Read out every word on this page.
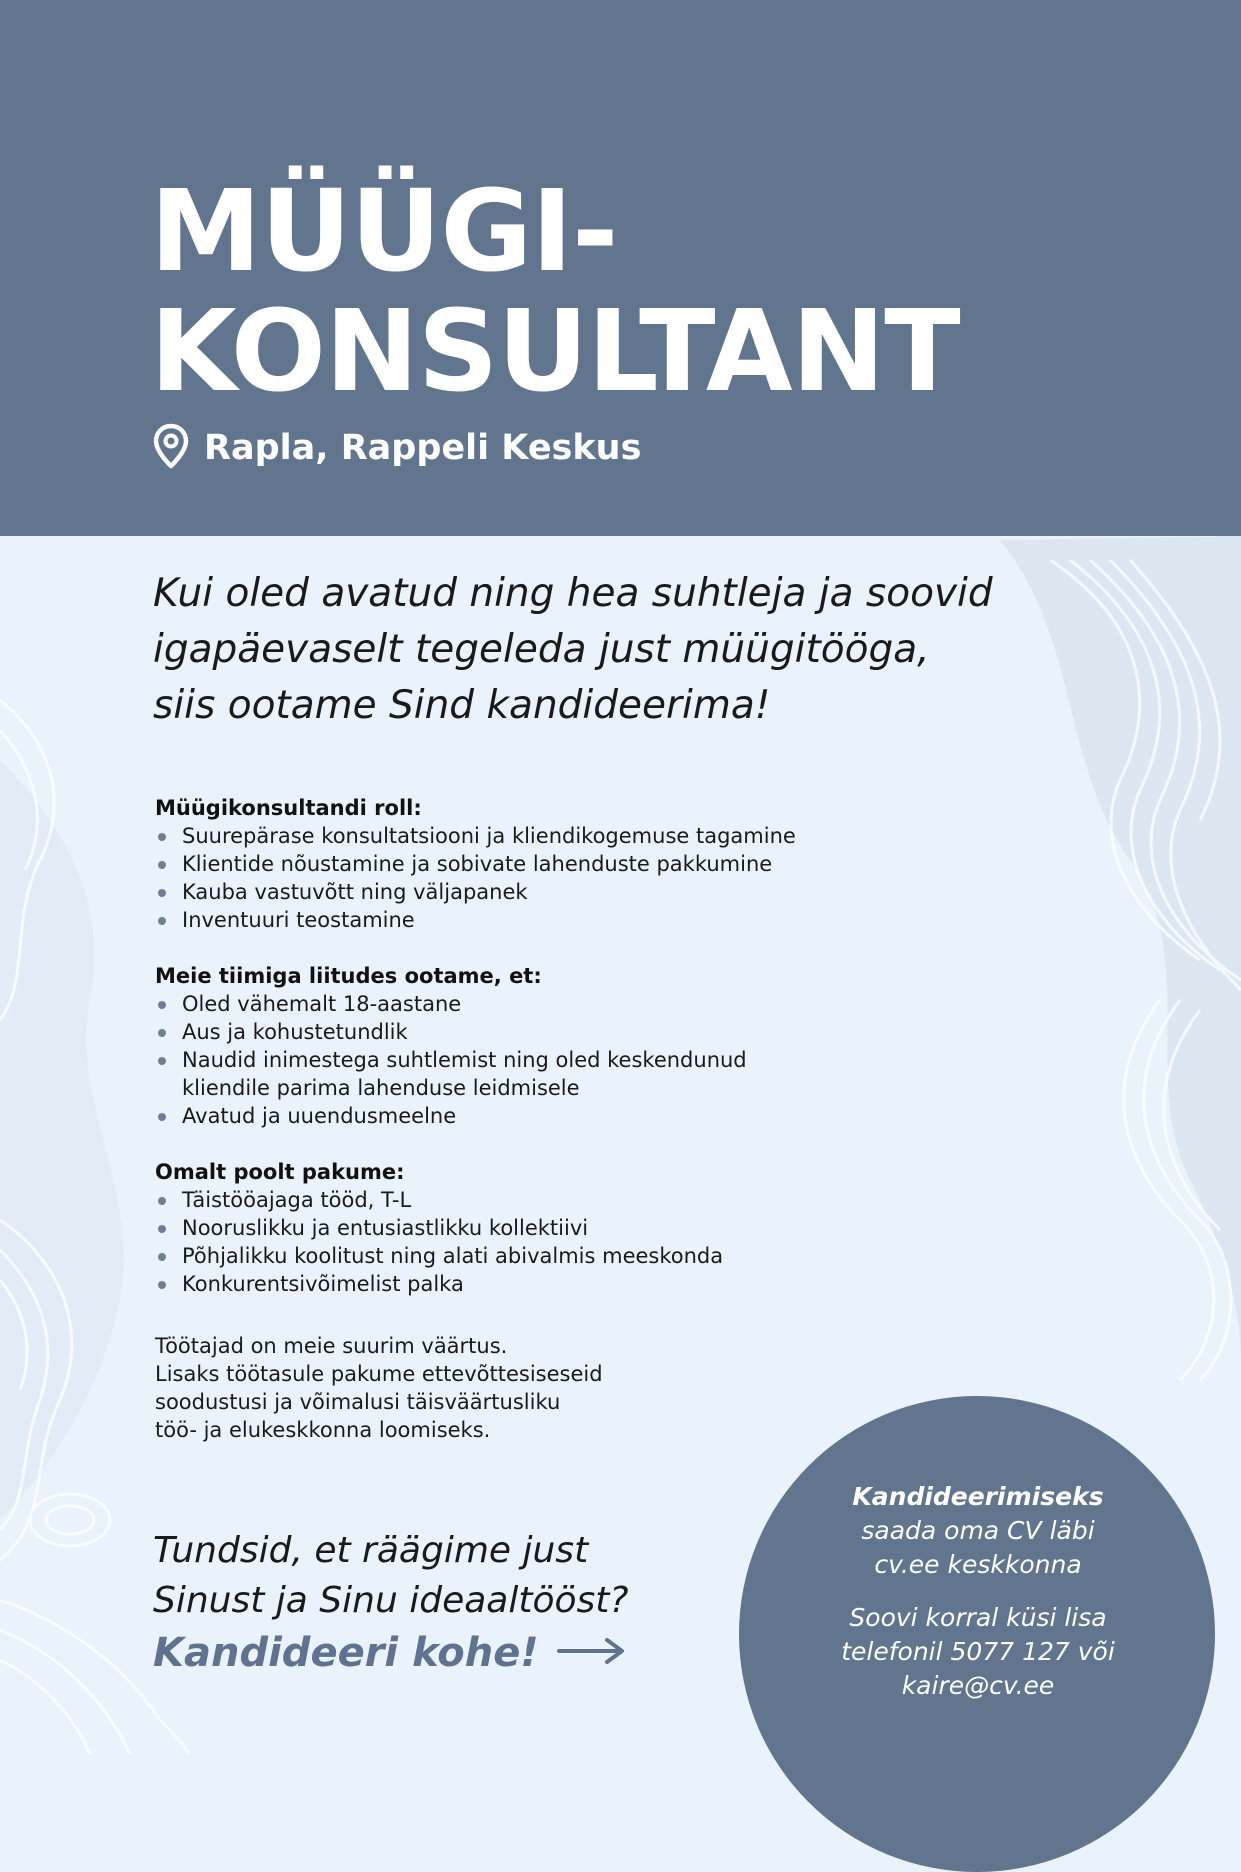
MÜÜGI-
KONSULTANT
Rapla, Rappeli Keskus

Kui oled avatud ning hea suhtleja ja soovid
igapäevaselt tegeleda just müügitööga,
siis ootame Sind kandideerima!

Müügikonsultandi roll:

Suurepärase konsultatsiooni ja kliendikogemuse tagamine
Klientide nõustamine ja sobivate lahenduste pakkumine
Kauba vastuvõtt ning väljapanek
Inventuuri teostamine

Meie tiimiga liitudes ootame, et:

Oled vähemalt 18-aastane
Aus ja kohustetundlik
Naudid inimestega suhtlemist ning oled keskendunud
kliendile parima lahenduse leidmisele
Avatud ja uuendusmeelne

Omalt poolt pakume:

Täistööajaga tööd, T-L
Nooruslikku ja entusiastlikku kollektiivi
Põhjalikku koolitust ning alati abivalmis meeskonda
Konkurentsivõimelist palka
Töötajad on meie suurim väärtus.
Lisaks töötasule pakume ettevõttesiseseid
soodustusi ja võimalusi täisväärtusliku
töö- ja elukeskkonna loomiseks.
Tundsid, et räägime just
Sinust ja Sinu ideaaltööst?
Kandideeri kohe!
Kandideerimiseks
saada oma CV läbi
cv.ee keskkonna
Soovi korral küsi lisa
telefonil 5077 127 või
kaire@cv.ee
